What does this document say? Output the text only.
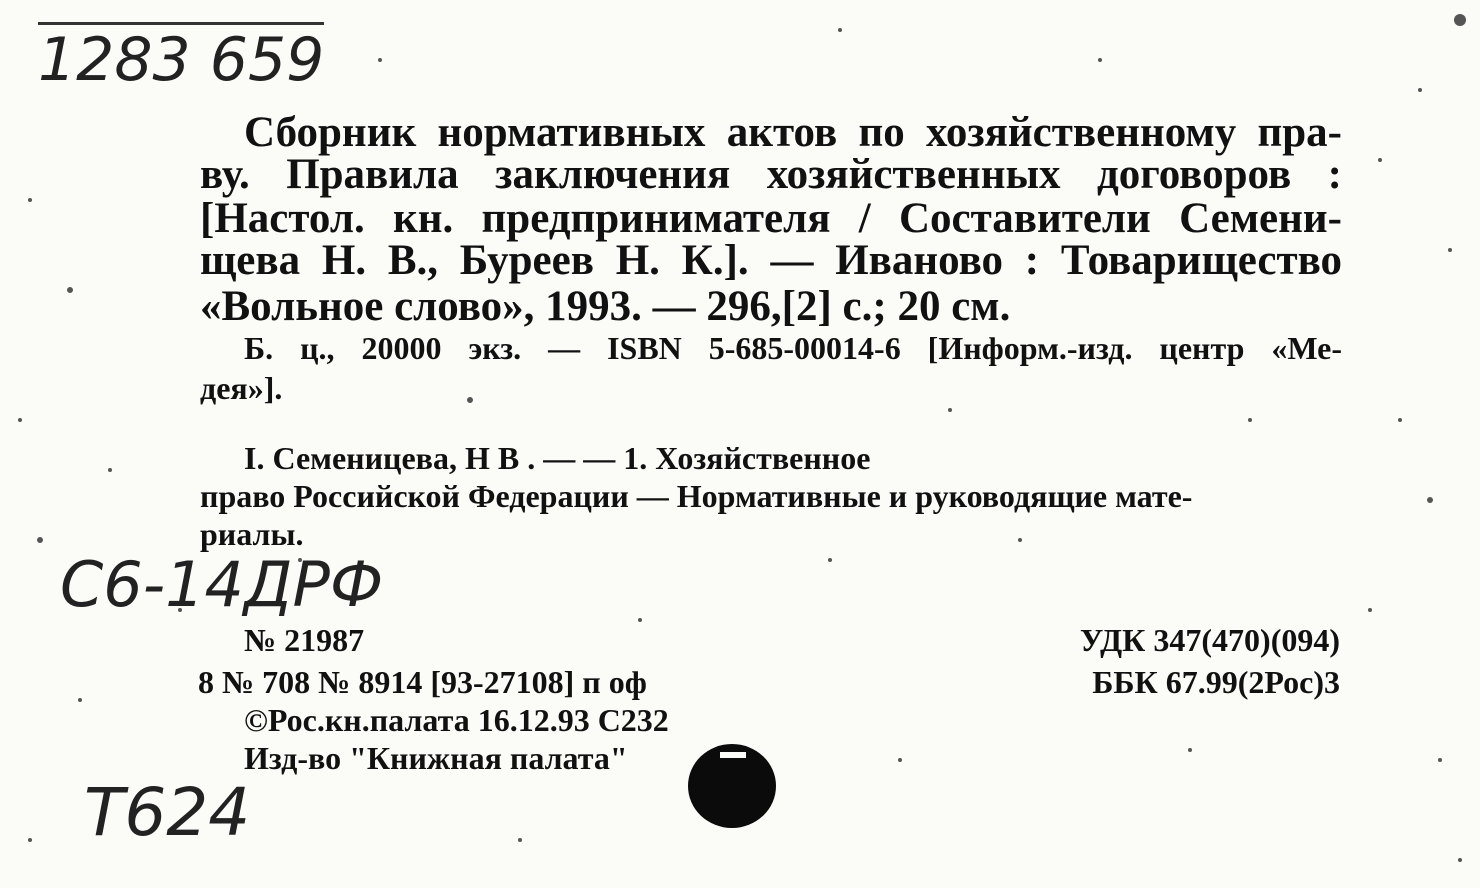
1283 659
Сборник нормативных актов по хозяйственному пра-
ву. Правила заключения хозяйственных договоров :
[Настол. кн. предпринимателя / Составители Семени-
щева Н. В., Буреев Н. К.]. — Иваново : Товарищество
«Вольное слово», 1993. — 296,[2] с.; 20 см.
Б. ц., 20000 экз. — ISBN 5-685-00014-6 [Информ.-изд. центр «Ме-
дея»].
I. Семеницева, Н В . — — 1. Хозяйственное
право Российской Федерации — Нормативные и руководящие мате-
риалы.
C6-14ДРФ
№ 21987
8 № 708 № 8914 [93-27108] п оф
©Рос.кн.палата 16.12.93 С232
Изд-во "Книжная палата"
УДК 347(470)(094)
ББК 67.99(2Рос)3
T624
